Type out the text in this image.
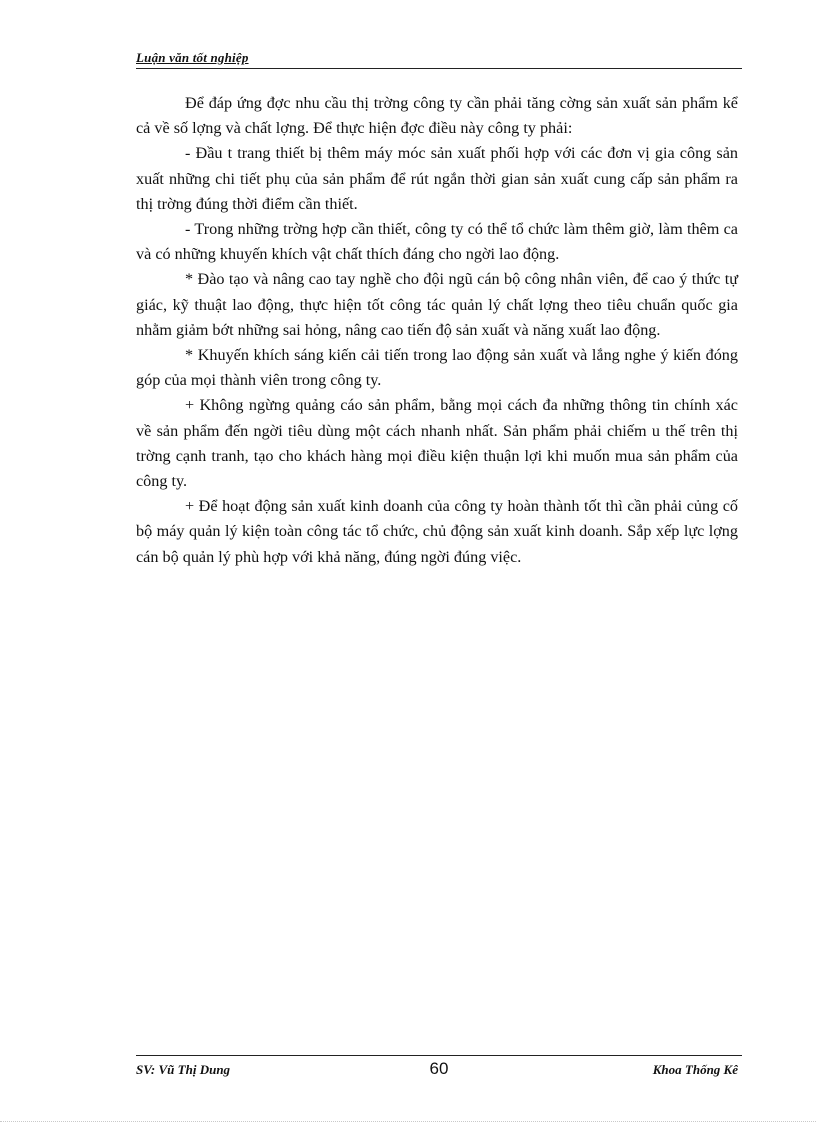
Luận văn tốt nghiệp

Để đáp ứng đợc nhu cầu thị trờng công ty cần phải tăng cờng sản xuất sản phẩm kể cả về số lợng và chất lợng. Để thực hiện đợc điều này công ty phải:

- Đầu t trang thiết bị thêm máy móc sản xuất phối hợp với các đơn vị gia công sản xuất những chi tiết phụ của sản phẩm để rút ngắn thời gian sản xuất cung cấp sản phẩm ra thị trờng đúng thời điểm cần thiết.

- Trong những trờng hợp cần thiết, công ty có thể tổ chức làm thêm giờ, làm thêm ca và có những khuyến khích vật chất thích đáng cho ngời lao động.

* Đào tạo và nâng cao tay nghề cho đội ngũ cán bộ công nhân viên, để cao ý thức tự giác, kỹ thuật lao động, thực hiện tốt công tác quản lý chất lợng theo tiêu chuẩn quốc gia nhằm giảm bớt những sai hỏng, nâng cao tiến độ sản xuất và năng xuất lao động.

* Khuyến khích sáng kiến cải tiến trong lao động sản xuất và lắng nghe ý kiến đóng góp của mọi thành viên trong công ty.

+ Không ngừng quảng cáo sản phẩm, bằng mọi cách đa những thông tin chính xác về sản phẩm đến ngời tiêu dùng một cách nhanh nhất. Sản phẩm phải chiếm u thế trên thị trờng cạnh tranh, tạo cho khách hàng mọi điều kiện thuận lợi khi muốn mua sản phẩm của công ty.

+ Để hoạt động sản xuất kinh doanh của công ty hoàn thành tốt thì cần phải củng cố bộ máy quản lý kiện toàn công tác tổ chức, chủ động sản xuất kinh doanh. Sắp xếp lực lợng cán bộ quản lý phù hợp với khả năng, đúng ngời đúng việc.

SV: Vũ Thị Dung	60	Khoa Thống Kê
